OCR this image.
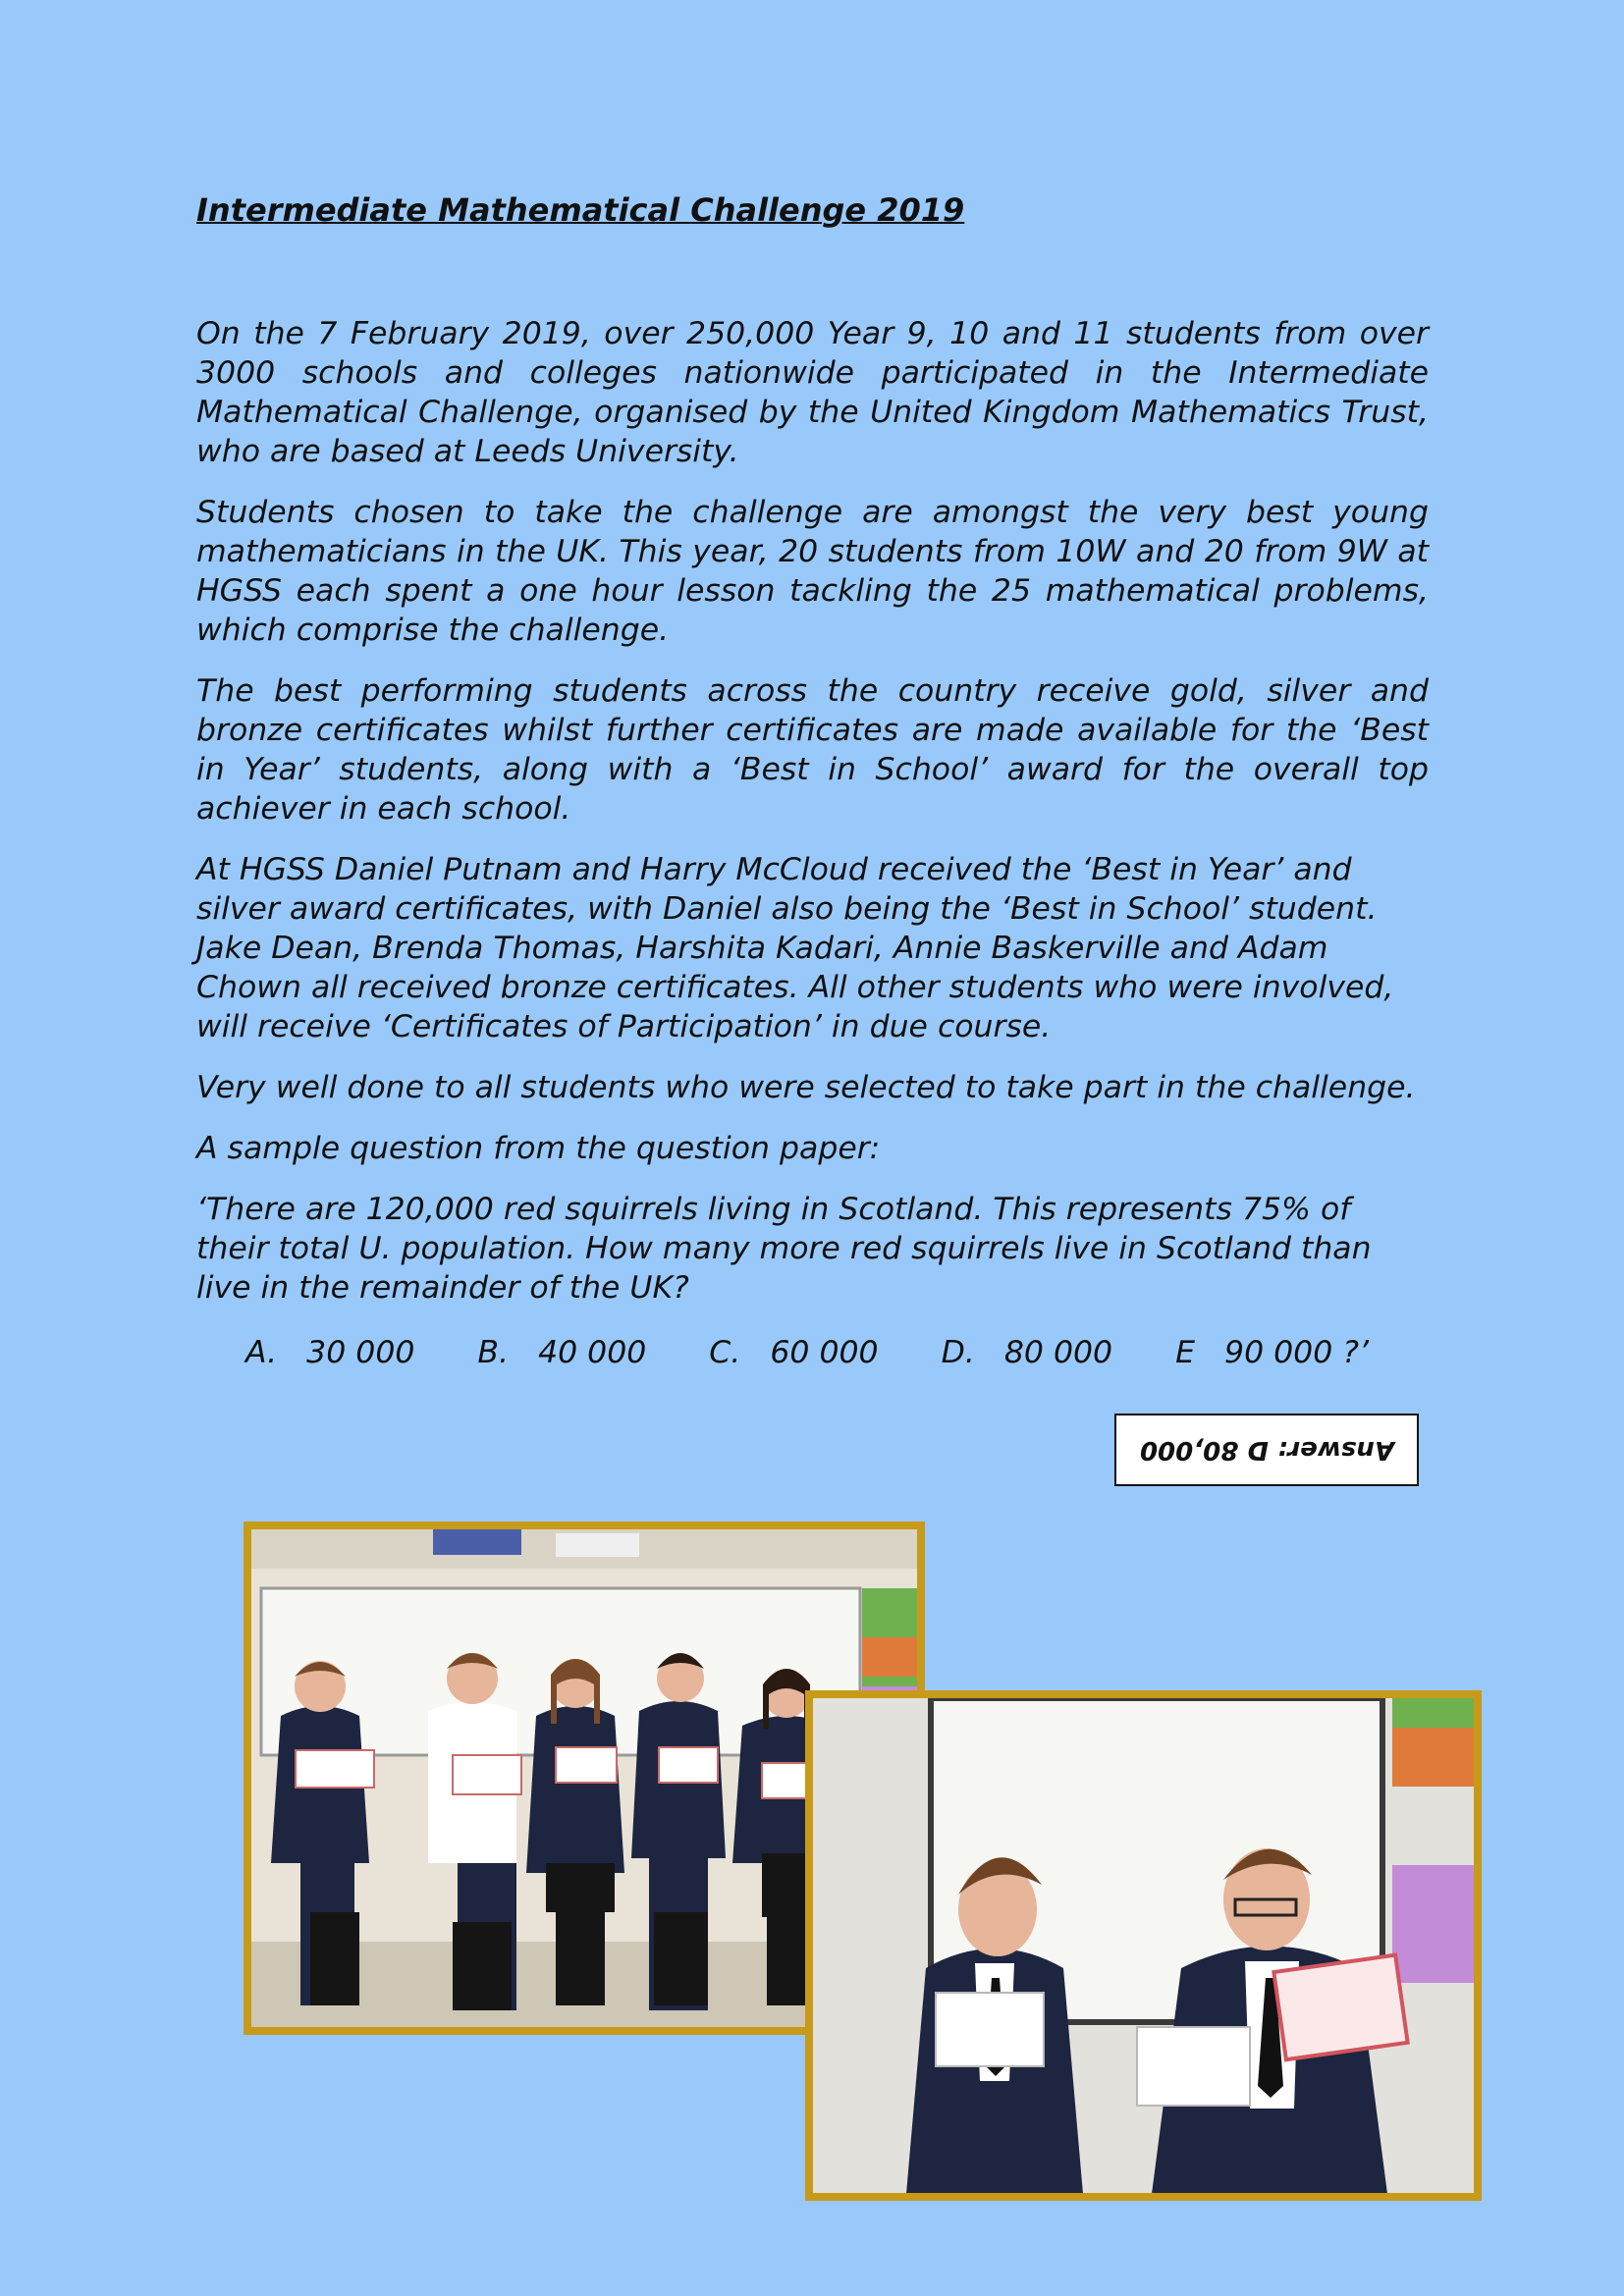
Intermediate Mathematical Challenge 2019

On the 7 February 2019, over 250,000 Year 9, 10 and 11 students from over 3000 schools and colleges nationwide participated in the Intermediate Mathematical Challenge, organised by the United Kingdom Mathematics Trust, who are based at Leeds University.

Students chosen to take the challenge are amongst the very best young mathematicians in the UK. This year, 20 students from 10W and 20 from 9W at HGSS each spent a one hour lesson tackling the 25 mathematical problems, which comprise the challenge.

The best performing students across the country receive gold, silver and bronze certificates whilst further certificates are made available for the ‘Best in Year’ students, along with a ‘Best in School’ award for the overall top achiever in each school.

At HGSS Daniel Putnam and Harry McCloud received the ‘Best in Year’ and silver award certificates, with Daniel also being the ‘Best in School’ student. Jake Dean, Brenda Thomas, Harshita Kadari, Annie Baskerville and Adam Chown all received bronze certificates. All other students who were involved, will receive ‘Certificates of Participation’ in due course.

Very well done to all students who were selected to take part in the challenge.

A sample question from the question paper:

‘There are 120,000 red squirrels living in Scotland. This represents 75% of their total U. population. How many more red squirrels live in Scotland than live in the remainder of the UK?

A.   30 000 B.   40 000 C.   60 000 D.   80 000 E   90 000 ?’
Answer: D 80,000
